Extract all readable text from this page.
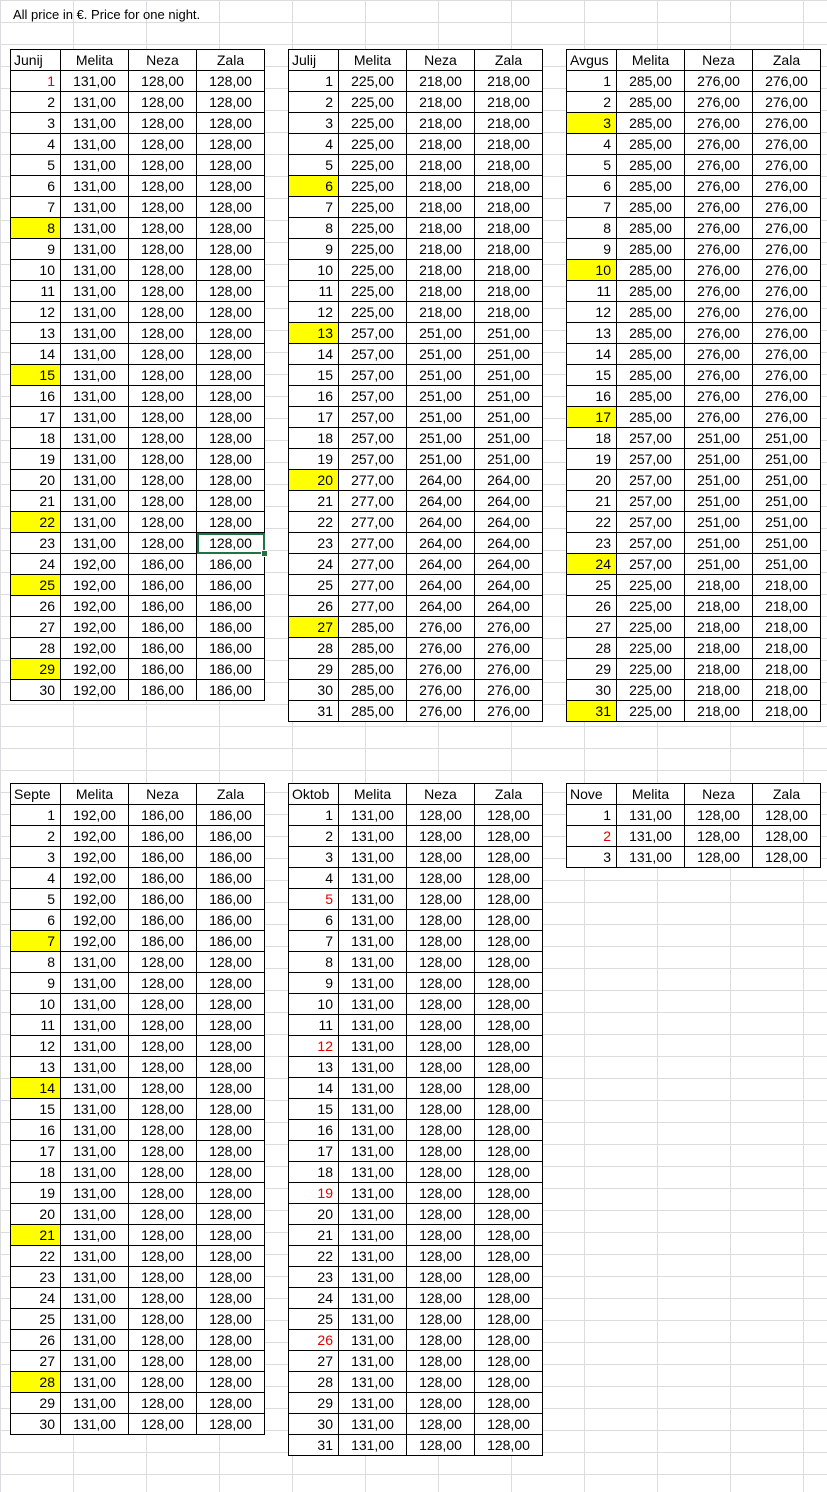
All price in €. Price for one night.
Junij	Melita	Neza	Zala
1	131,00	128,00	128,00
2	131,00	128,00	128,00
3	131,00	128,00	128,00
4	131,00	128,00	128,00
5	131,00	128,00	128,00
6	131,00	128,00	128,00
7	131,00	128,00	128,00
8	131,00	128,00	128,00
9	131,00	128,00	128,00
10	131,00	128,00	128,00
11	131,00	128,00	128,00
12	131,00	128,00	128,00
13	131,00	128,00	128,00
14	131,00	128,00	128,00
15	131,00	128,00	128,00
16	131,00	128,00	128,00
17	131,00	128,00	128,00
18	131,00	128,00	128,00
19	131,00	128,00	128,00
20	131,00	128,00	128,00
21	131,00	128,00	128,00
22	131,00	128,00	128,00
23	131,00	128,00	128,00
24	192,00	186,00	186,00
25	192,00	186,00	186,00
26	192,00	186,00	186,00
27	192,00	186,00	186,00
28	192,00	186,00	186,00
29	192,00	186,00	186,00
30	192,00	186,00	186,00
Julij	Melita	Neza	Zala
1	225,00	218,00	218,00
2	225,00	218,00	218,00
3	225,00	218,00	218,00
4	225,00	218,00	218,00
5	225,00	218,00	218,00
6	225,00	218,00	218,00
7	225,00	218,00	218,00
8	225,00	218,00	218,00
9	225,00	218,00	218,00
10	225,00	218,00	218,00
11	225,00	218,00	218,00
12	225,00	218,00	218,00
13	257,00	251,00	251,00
14	257,00	251,00	251,00
15	257,00	251,00	251,00
16	257,00	251,00	251,00
17	257,00	251,00	251,00
18	257,00	251,00	251,00
19	257,00	251,00	251,00
20	277,00	264,00	264,00
21	277,00	264,00	264,00
22	277,00	264,00	264,00
23	277,00	264,00	264,00
24	277,00	264,00	264,00
25	277,00	264,00	264,00
26	277,00	264,00	264,00
27	285,00	276,00	276,00
28	285,00	276,00	276,00
29	285,00	276,00	276,00
30	285,00	276,00	276,00
31	285,00	276,00	276,00
Avgus	Melita	Neza	Zala
1	285,00	276,00	276,00
2	285,00	276,00	276,00
3	285,00	276,00	276,00
4	285,00	276,00	276,00
5	285,00	276,00	276,00
6	285,00	276,00	276,00
7	285,00	276,00	276,00
8	285,00	276,00	276,00
9	285,00	276,00	276,00
10	285,00	276,00	276,00
11	285,00	276,00	276,00
12	285,00	276,00	276,00
13	285,00	276,00	276,00
14	285,00	276,00	276,00
15	285,00	276,00	276,00
16	285,00	276,00	276,00
17	285,00	276,00	276,00
18	257,00	251,00	251,00
19	257,00	251,00	251,00
20	257,00	251,00	251,00
21	257,00	251,00	251,00
22	257,00	251,00	251,00
23	257,00	251,00	251,00
24	257,00	251,00	251,00
25	225,00	218,00	218,00
26	225,00	218,00	218,00
27	225,00	218,00	218,00
28	225,00	218,00	218,00
29	225,00	218,00	218,00
30	225,00	218,00	218,00
31	225,00	218,00	218,00
Septe	Melita	Neza	Zala
1	192,00	186,00	186,00
2	192,00	186,00	186,00
3	192,00	186,00	186,00
4	192,00	186,00	186,00
5	192,00	186,00	186,00
6	192,00	186,00	186,00
7	192,00	186,00	186,00
8	131,00	128,00	128,00
9	131,00	128,00	128,00
10	131,00	128,00	128,00
11	131,00	128,00	128,00
12	131,00	128,00	128,00
13	131,00	128,00	128,00
14	131,00	128,00	128,00
15	131,00	128,00	128,00
16	131,00	128,00	128,00
17	131,00	128,00	128,00
18	131,00	128,00	128,00
19	131,00	128,00	128,00
20	131,00	128,00	128,00
21	131,00	128,00	128,00
22	131,00	128,00	128,00
23	131,00	128,00	128,00
24	131,00	128,00	128,00
25	131,00	128,00	128,00
26	131,00	128,00	128,00
27	131,00	128,00	128,00
28	131,00	128,00	128,00
29	131,00	128,00	128,00
30	131,00	128,00	128,00
Oktob	Melita	Neza	Zala
1	131,00	128,00	128,00
2	131,00	128,00	128,00
3	131,00	128,00	128,00
4	131,00	128,00	128,00
5	131,00	128,00	128,00
6	131,00	128,00	128,00
7	131,00	128,00	128,00
8	131,00	128,00	128,00
9	131,00	128,00	128,00
10	131,00	128,00	128,00
11	131,00	128,00	128,00
12	131,00	128,00	128,00
13	131,00	128,00	128,00
14	131,00	128,00	128,00
15	131,00	128,00	128,00
16	131,00	128,00	128,00
17	131,00	128,00	128,00
18	131,00	128,00	128,00
19	131,00	128,00	128,00
20	131,00	128,00	128,00
21	131,00	128,00	128,00
22	131,00	128,00	128,00
23	131,00	128,00	128,00
24	131,00	128,00	128,00
25	131,00	128,00	128,00
26	131,00	128,00	128,00
27	131,00	128,00	128,00
28	131,00	128,00	128,00
29	131,00	128,00	128,00
30	131,00	128,00	128,00
31	131,00	128,00	128,00
Nove	Melita	Neza	Zala
1	131,00	128,00	128,00
2	131,00	128,00	128,00
3	131,00	128,00	128,00
